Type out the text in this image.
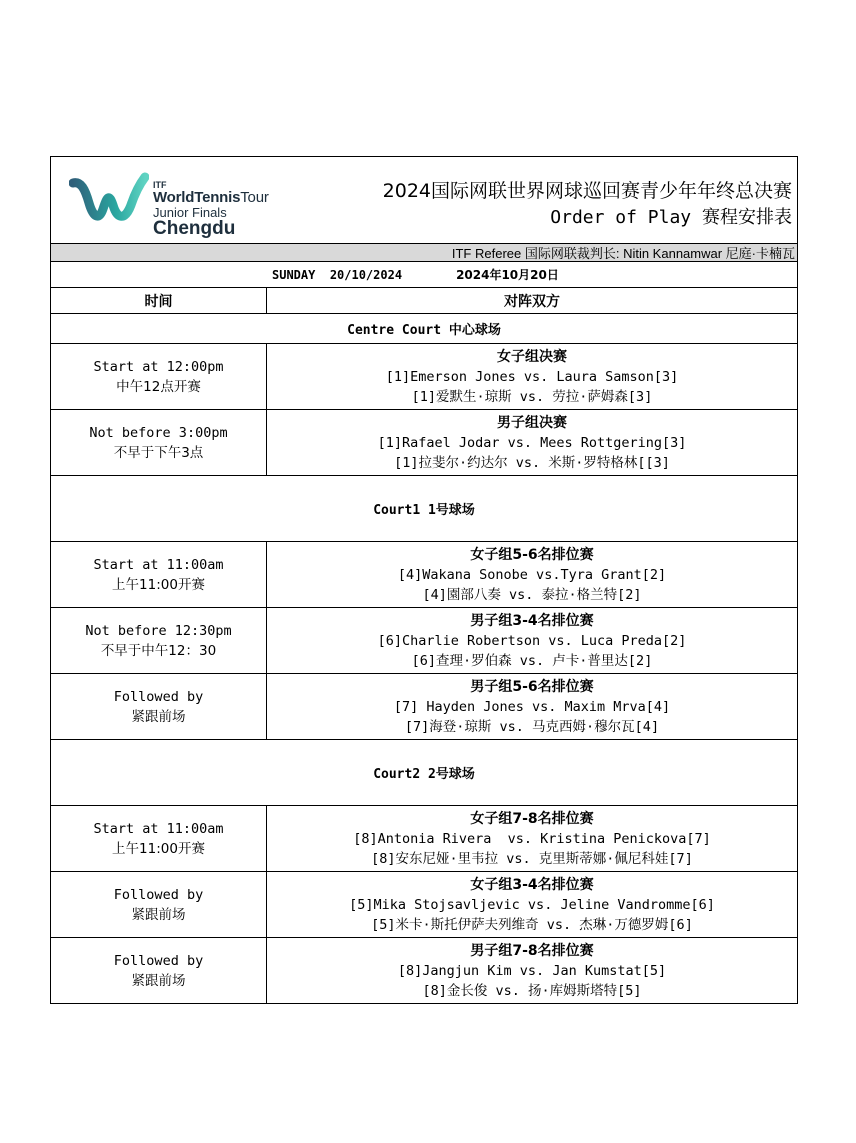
ITF
WorldTennisTour
Junior Finals
Chengdu
2024国际网联世界网球巡回赛青少年年终总决赛
Order of Play 赛程安排表
ITF Referee 国际网联裁判长: Nitin Kannamwar 尼庭·卡楠瓦
SUNDAY 20/10/2024	2024年10月20日
时间	对阵双方
Centre Court 中心球场
Start at 12:00pm
中午12点开赛
女子组决赛
[1]Emerson Jones vs. Laura Samson[3]
[1]爱默生·琼斯 vs. 劳拉·萨姆森[3]
Not before 3:00pm
不早于下午3点
男子组决赛
[1]Rafael Jodar vs. Mees Rottgering[3]
[1]拉斐尔·约达尔 vs. 米斯·罗特格林[[3]
Court1 1号球场
Start at 11:00am
上午11:00开赛
女子组5-6名排位赛
[4]Wakana Sonobe vs.Tyra Grant[2]
[4]園部八奏 vs. 泰拉·格兰特[2]
Not before 12:30pm
不早于中午12：30
男子组3-4名排位赛
[6]Charlie Robertson vs. Luca Preda[2]
[6]查理·罗伯森 vs. 卢卡·普里达[2]
Followed by
紧跟前场
男子组5-6名排位赛
[7] Hayden Jones vs. Maxim Mrva[4]
[7]海登·琼斯 vs. 马克西姆·穆尔瓦[4]
Court2 2号球场
Start at 11:00am
上午11:00开赛
女子组7-8名排位赛
[8]Antonia Rivera  vs. Kristina Penickova[7]
[8]安东尼娅·里韦拉 vs. 克里斯蒂娜·佩尼科娃[7]
Followed by
紧跟前场
女子组3-4名排位赛
[5]Mika Stojsavljevic vs. Jeline Vandromme[6]
[5]米卡·斯托伊萨夫列维奇 vs. 杰琳·万德罗姆[6]
Followed by
紧跟前场
男子组7-8名排位赛
[8]Jangjun Kim vs. Jan Kumstat[5]
[8]金长俊 vs. 扬·库姆斯塔特[5]
